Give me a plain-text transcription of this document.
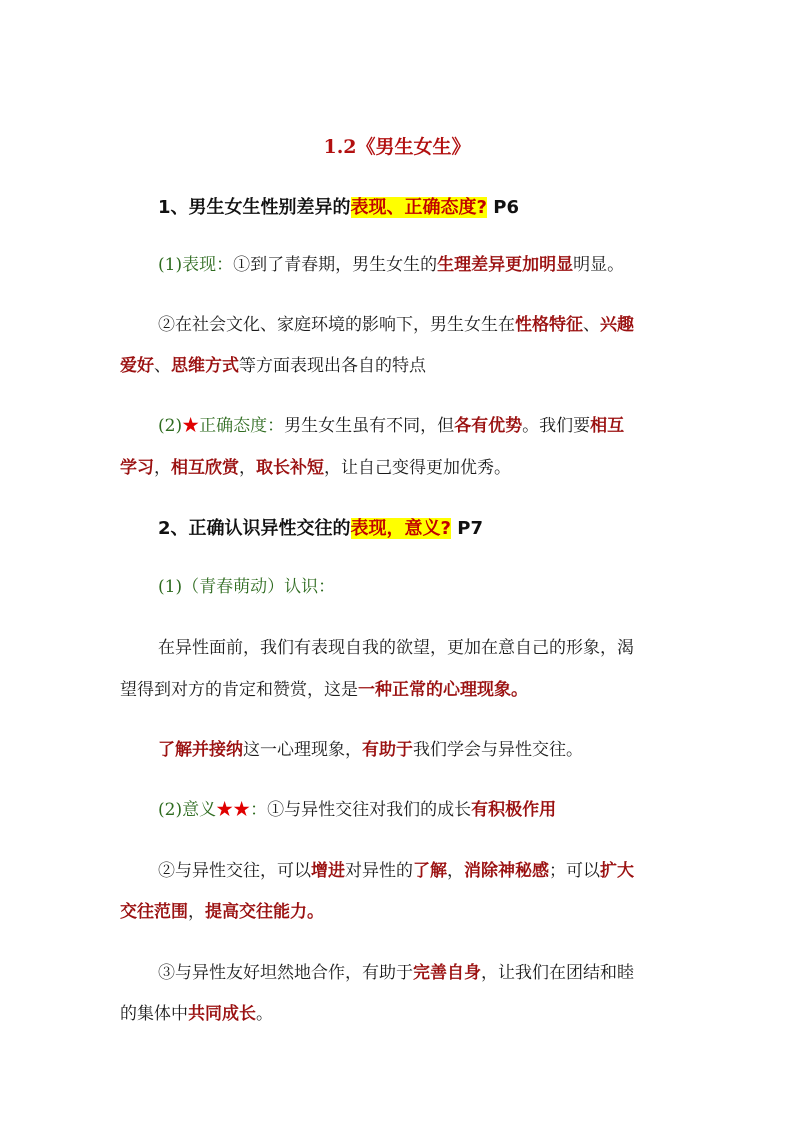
1.2《男生女生》
1、男生女生性别差异的表现、正确态度? P6
(1)表现：①到了青春期，男生女生的生理差异更加明显明显。
②在社会文化、家庭环境的影响下，男生女生在性格特征、兴趣
爱好、思维方式等方面表现出各自的特点
(2)★正确态度：男生女生虽有不同，但各有优势。我们要相互
学习，相互欣赏，取长补短，让自己变得更加优秀。
2、正确认识异性交往的表现，意义? P7
(1)（青春萌动）认识：
在异性面前，我们有表现自我的欲望，更加在意自己的形象，渴
望得到对方的肯定和赞赏，这是一种正常的心理现象。
了解并接纳这一心理现象，有助于我们学会与异性交往。
(2)意义★★：①与异性交往对我们的成长有积极作用
②与异性交往，可以增进对异性的了解，消除神秘感；可以扩大
交往范围，提高交往能力。
③与异性友好坦然地合作，有助于完善自身，让我们在团结和睦
的集体中共同成长。
